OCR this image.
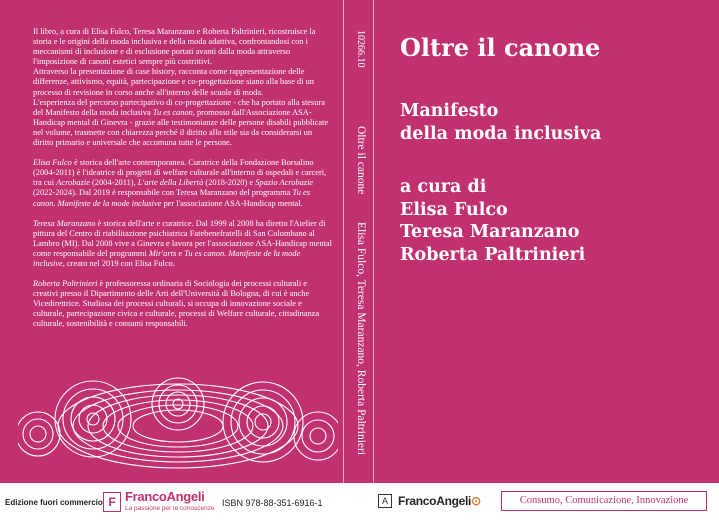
Il libro, a cura di Elisa Fulco, Teresa Maranzano e Roberta Paltrinieri, ricostruisce la storia e le origini della moda inclusiva e della moda adattiva, confrontandosi con i meccanismi di inclusione e di esclusione portati avanti dalla moda attraverso l'imposizione di canoni estetici sempre più costrittivi.
Attraverso la presentazione di case history, racconta come rappresentazione delle differenze, attivismo, equità, partecipazione e co-progettazione siano alla base di un processo di revisione in corso anche all'interno delle scuole di moda.
L'esperienza del percorso partecipativo di co-progettazione - che ha portato alla stesura del Manifesto della moda inclusiva Tu es canon, promosso dall'Associazione ASA-Handicap mental di Ginevra - grazie alle testimonianze delle persone disabili pubblicate nel volume, trasmette con chiarezza perché il diritto allo stile sia da considerarsi un diritto primario e universale che accomuna tutte le persone.

Elisa Fulco è storica dell'arte contemporanea. Curatrice della Fondazione Borsalino (2004-2011) è l'ideatrice di progetti di welfare culturale all'interno di ospedali e carceri, tra cui Acrobazie (2004-2011), L'arte della Libertà (2018-2020) e Spazio Acrobazie (2022-2024). Dal 2019 è responsabile con Teresa Maranzano del programma Tu es canon. Manifeste de la mode inclusive per l'associazione ASA-Handicap mental.

Teresa Maranzano è storica dell'arte e curatrice. Dal 1999 al 2008 ha diretto l'Atelier di pittura del Centro di riabilitazione psichiatrica Fatebenefratelli di San Colombano al Lambro (MI). Dal 2008 vive a Ginevra e lavora per l'associazione ASA-Handicap mental come responsabile del programmi Mir'arts e Tu es canon. Manifeste de la mode inclusive, creato nel 2019 con Elisa Fulco.

Roberta Paltrinieri è professoressa ordinaria di Sociologia dei processi culturali e creativi presso il Dipartimento delle Arti dell'Università di Bologna, di cui è anche Vicedirettrice. Studiosa dei processi culturali, si occupa di innovazione sociale e culturale, partecipazione civica e culturale, processi di Welfare culturale, cittadinanza culturale, sostenibilità e consumi responsabili.

10266.10
Oltre il canone
Elisa Fulco, Teresa Maranzano, Roberta Paltrinieri
Oltre il canone
Manifesto
della moda inclusiva
a cura di
Elisa Fulco
Teresa Maranzano
Roberta Paltrinieri
Edizione fuori commercio F FrancoAngeli
La passione per le conoscenze
ISBN 978-88-351-6916-1	A FrancoAngeli⊙	Consumo, Comunicazione, Innovazione
